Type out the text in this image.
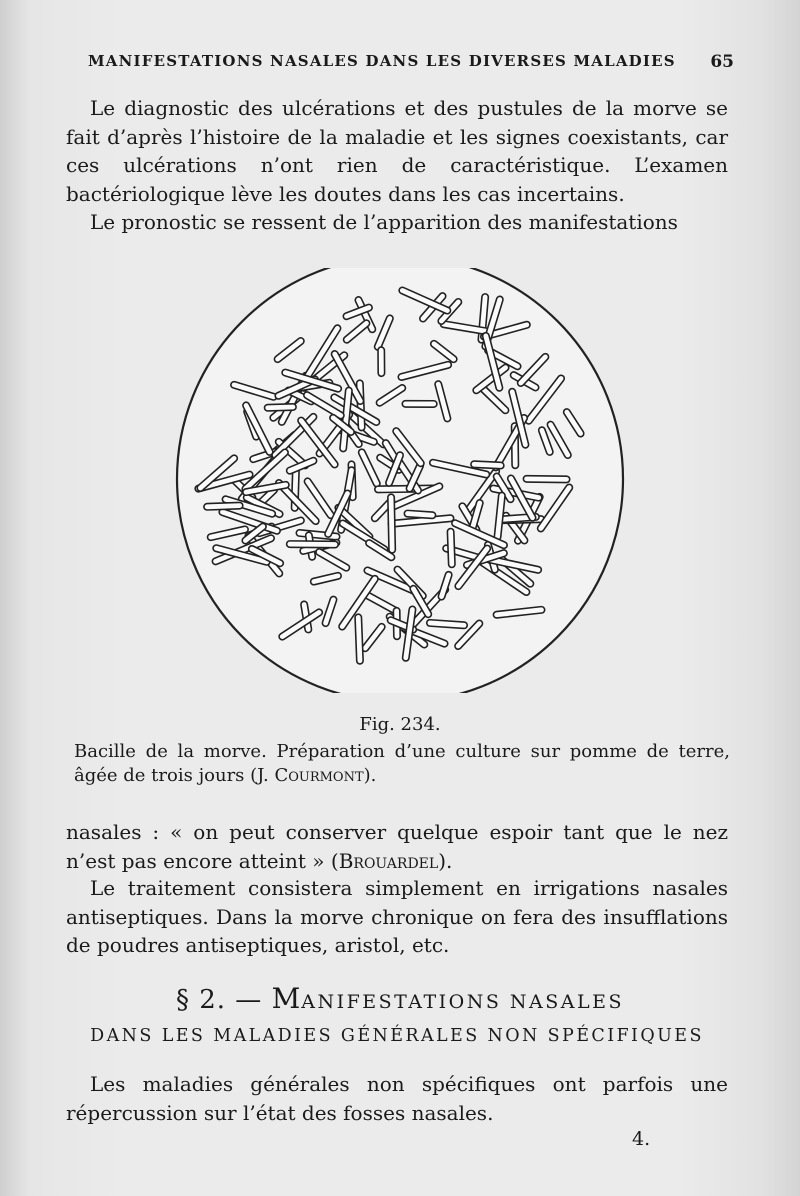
MANIFESTATIONS NASALES DANS LES DIVERSES MALADIES 65

Le diagnostic des ulcérations et des pustules de la morve se fait d’après l’histoire de la maladie et les signes coexistants, car ces ulcérations n’ont rien de caractéristique. L’examen bactériologique lève les doutes dans les cas incertains.

Le pronostic se ressent de l’apparition des manifestations

Fig. 234.

Bacille de la morve. Préparation d’une culture sur pomme de terre, âgée de trois jours (J. Courmont).

nasales : « on peut conserver quelque espoir tant que le nez n’est pas encore atteint » (Brouardel).

Le traitement consistera simplement en irrigations nasales antiseptiques. Dans la morve chronique on fera des insufflations de poudres antiseptiques, aristol, etc.

§ 2. — MANIFESTATIONS NASALES
DANS LES MALADIES GÉNÉRALES NON SPÉCIFIQUES

Les maladies générales non spécifiques ont parfois une répercussion sur l’état des fosses nasales.

4.
